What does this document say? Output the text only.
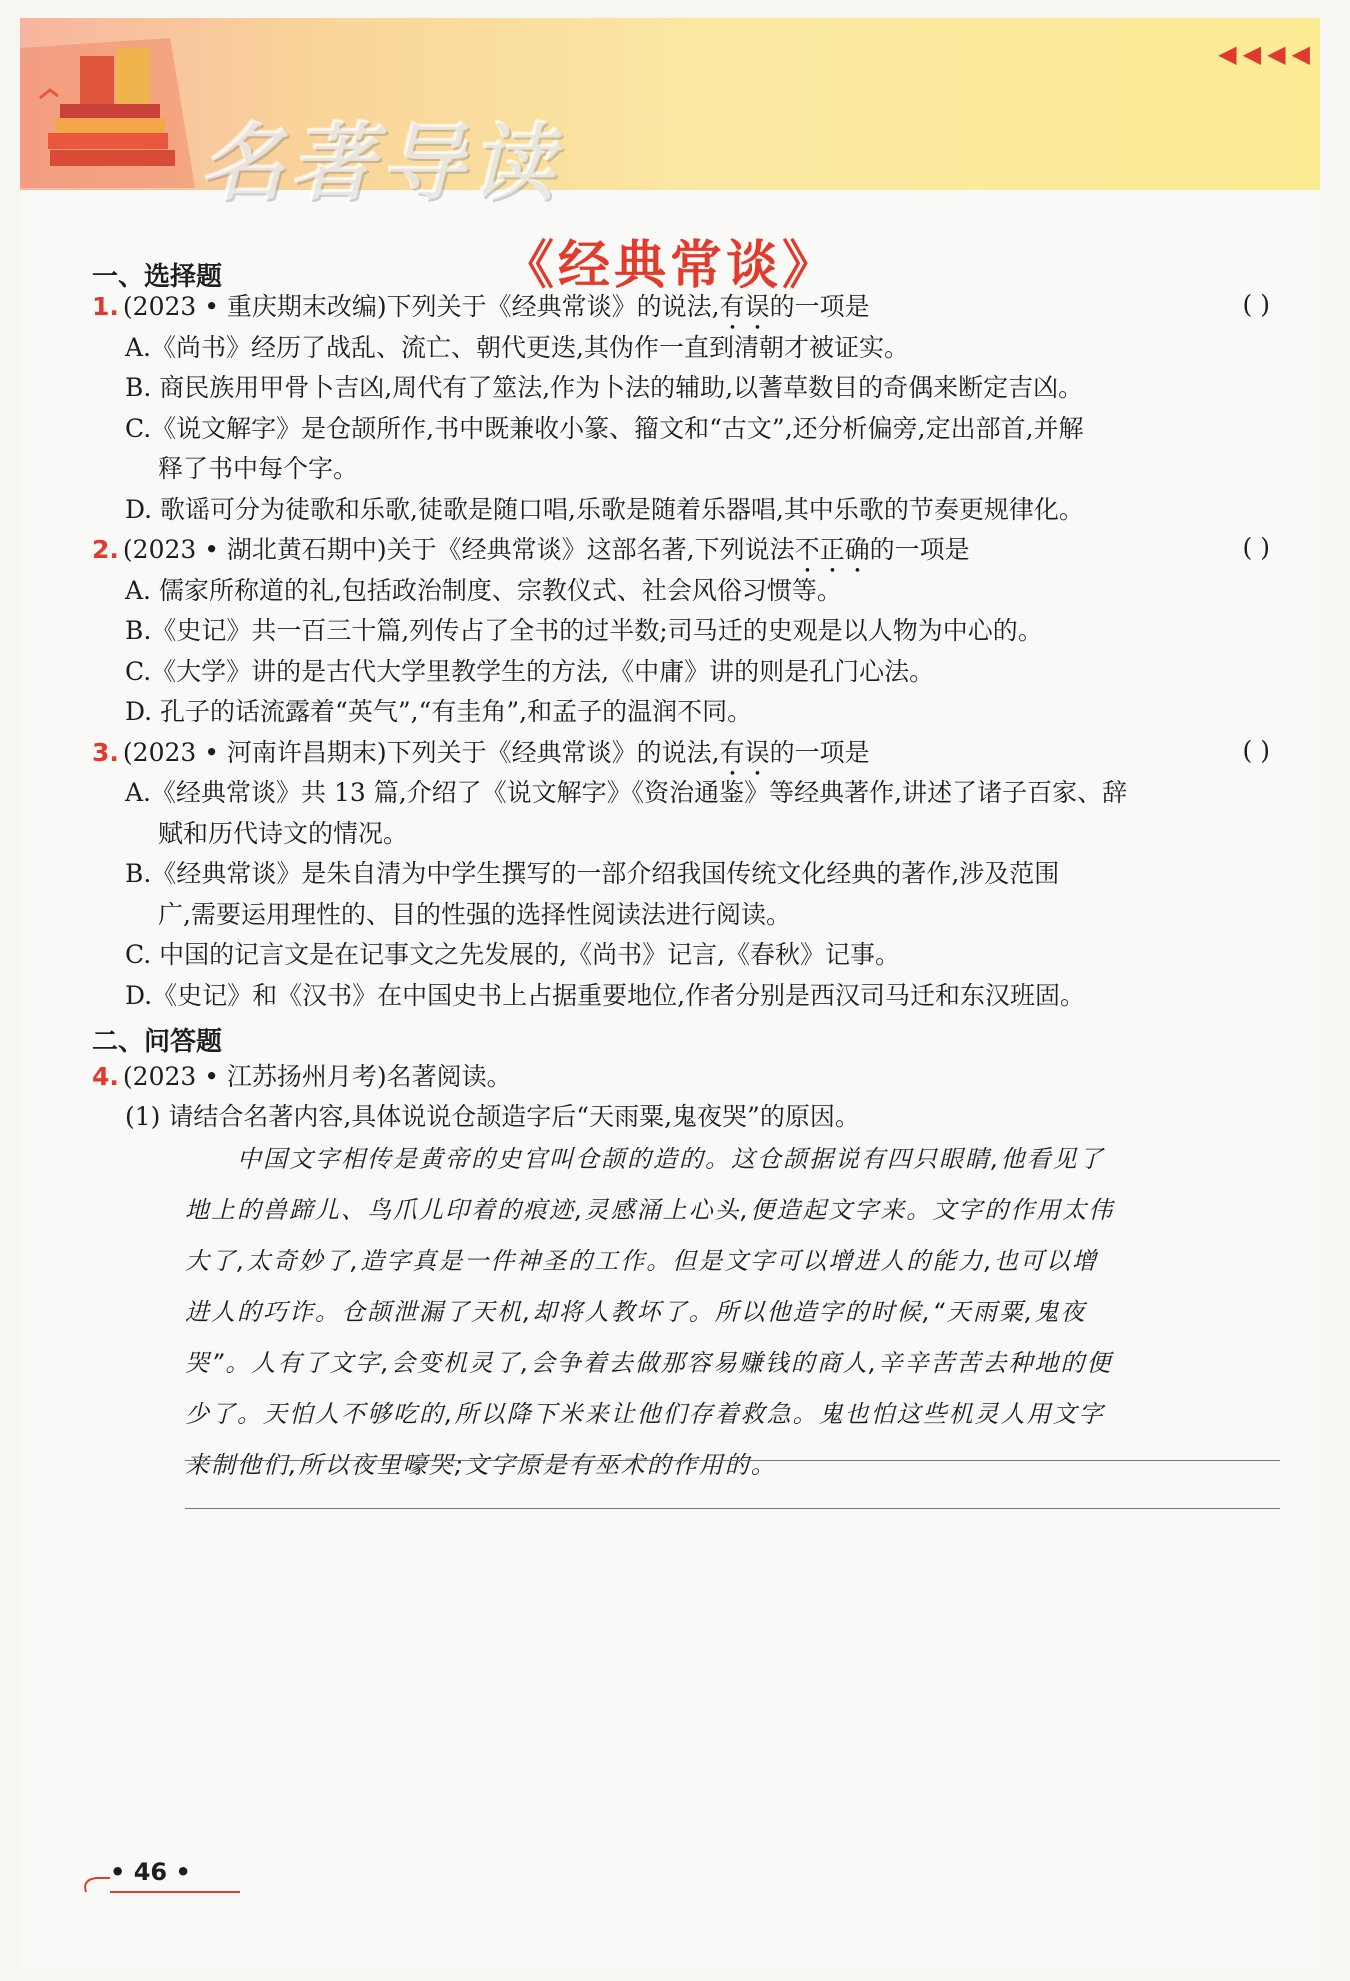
名著导读
◀ ◀ ◀ ◀
《经典常谈》
一、选择题
1. (2023 • 重庆期末改编)下列关于《经典常谈》的说法,有误的一项是	( )
A.《尚书》经历了战乱、流亡、朝代更迭,其伪作一直到清朝才被证实。
B. 商民族用甲骨卜吉凶,周代有了筮法,作为卜法的辅助,以蓍草数目的奇偶来断定吉凶。
C.《说文解字》是仓颉所作,书中既兼收小篆、籀文和“古文”,还分析偏旁,定出部首,并解
释了书中每个字。
D. 歌谣可分为徒歌和乐歌,徒歌是随口唱,乐歌是随着乐器唱,其中乐歌的节奏更规律化。
2. (2023 • 湖北黄石期中)关于《经典常谈》这部名著,下列说法不正确的一项是	( )
A. 儒家所称道的礼,包括政治制度、宗教仪式、社会风俗习惯等。
B.《史记》共一百三十篇,列传占了全书的过半数;司马迁的史观是以人物为中心的。
C.《大学》讲的是古代大学里教学生的方法,《中庸》讲的则是孔门心法。
D. 孔子的话流露着“英气”,“有圭角”,和孟子的温润不同。
3. (2023 • 河南许昌期末)下列关于《经典常谈》的说法,有误的一项是	( )
A.《经典常谈》共 13 篇,介绍了《说文解字》《资治通鉴》等经典著作,讲述了诸子百家、辞
赋和历代诗文的情况。
B.《经典常谈》是朱自清为中学生撰写的一部介绍我国传统文化经典的著作,涉及范围
广,需要运用理性的、目的性强的选择性阅读法进行阅读。
C. 中国的记言文是在记事文之先发展的,《尚书》记言,《春秋》记事。
D.《史记》和《汉书》在中国史书上占据重要地位,作者分别是西汉司马迁和东汉班固。
二、问答题
4. (2023 • 江苏扬州月考)名著阅读。
(1) 请结合名著内容,具体说说仓颉造字后“天雨粟,鬼夜哭”的原因。

　　中国文字相传是黄帝的史官叫仓颉的造的。这仓颉据说有四只眼睛,他看见了

地上的兽蹄儿、鸟爪儿印着的痕迹,灵感涌上心头,便造起文字来。文字的作用太伟

大了,太奇妙了,造字真是一件神圣的工作。但是文字可以增进人的能力,也可以增

进人的巧诈。仓颉泄漏了天机,却将人教坏了。所以他造字的时候,“天雨粟,鬼夜

哭”。人有了文字,会变机灵了,会争着去做那容易赚钱的商人,辛辛苦苦去种地的便

少了。天怕人不够吃的,所以降下米来让他们存着救急。鬼也怕这些机灵人用文字

来制他们,所以夜里嚎哭;文字原是有巫术的作用的。

• 46 •
